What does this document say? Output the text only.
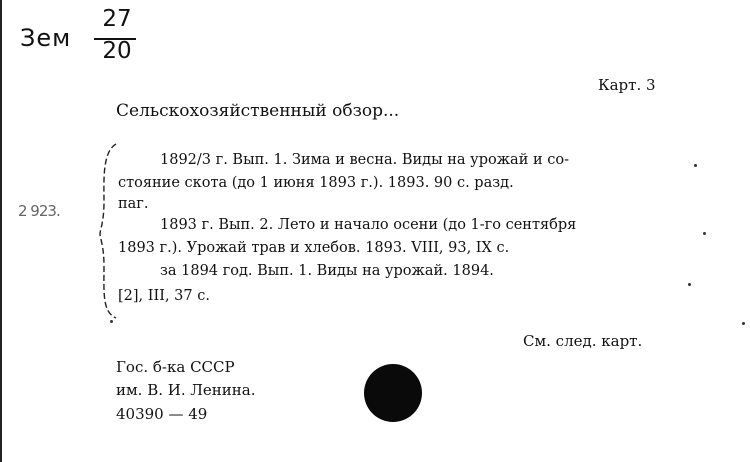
Зем
27
20
2 923.
Карт. 3
Сельскохозяйственный обзор...
1892/3 г. Вып. 1. Зима и весна. Виды на урожай и со-
стояние скота (до 1 июня 1893 г.). 1893. 90 с. разд.
паг.
1893 г. Вып. 2. Лето и начало осени (до 1-го сентября
1893 г.). Урожай трав и хлебов. 1893. VIII, 93, IX с.
за 1894 год. Вып. 1. Виды на урожай. 1894.
[2], III, 37 с.
См. след. карт.
Гос. б-ка СССР
им. В. И. Ленина.
40390 — 49
